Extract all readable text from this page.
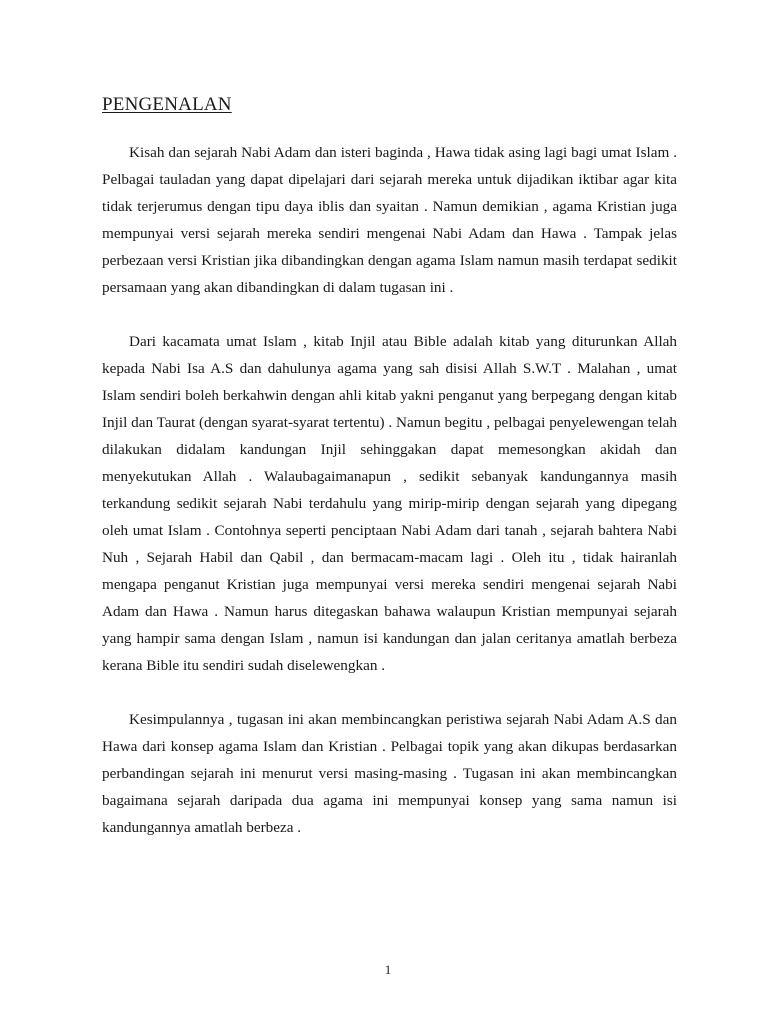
PENGENALAN

Kisah dan sejarah Nabi Adam dan isteri baginda , Hawa tidak asing lagi bagi umat Islam . Pelbagai tauladan yang dapat dipelajari dari sejarah mereka untuk dijadikan iktibar agar kita tidak terjerumus dengan tipu daya iblis dan syaitan . Namun demikian , agama Kristian juga mempunyai versi sejarah mereka sendiri mengenai Nabi Adam dan Hawa . Tampak jelas perbezaan versi Kristian jika dibandingkan dengan agama Islam namun masih terdapat sedikit persamaan yang akan dibandingkan di dalam tugasan ini .

Dari kacamata umat Islam , kitab Injil atau Bible adalah kitab yang diturunkan Allah kepada Nabi Isa A.S dan dahulunya agama yang sah disisi Allah S.W.T . Malahan , umat Islam sendiri boleh berkahwin dengan ahli kitab yakni penganut yang berpegang dengan kitab Injil dan Taurat (dengan syarat-syarat tertentu) . Namun begitu , pelbagai penyelewengan telah dilakukan didalam kandungan Injil sehinggakan dapat memesongkan akidah dan menyekutukan Allah . Walaubagaimanapun , sedikit sebanyak kandungannya masih terkandung sedikit sejarah Nabi terdahulu yang mirip-mirip dengan sejarah yang dipegang oleh umat Islam . Contohnya seperti penciptaan Nabi Adam dari tanah , sejarah bahtera Nabi Nuh , Sejarah Habil dan Qabil , dan bermacam-macam lagi . Oleh itu , tidak hairanlah mengapa penganut Kristian juga mempunyai versi mereka sendiri mengenai sejarah Nabi Adam dan Hawa . Namun harus ditegaskan bahawa walaupun Kristian mempunyai sejarah yang hampir sama dengan Islam , namun isi kandungan dan jalan ceritanya amatlah berbeza kerana Bible itu sendiri sudah diselewengkan .

Kesimpulannya , tugasan ini akan membincangkan peristiwa sejarah Nabi Adam A.S dan Hawa dari konsep agama Islam dan Kristian . Pelbagai topik yang akan dikupas berdasarkan perbandingan sejarah ini menurut versi masing-masing . Tugasan ini akan membincangkan bagaimana sejarah daripada dua agama ini mempunyai konsep yang sama namun isi kandungannya amatlah berbeza .

1
